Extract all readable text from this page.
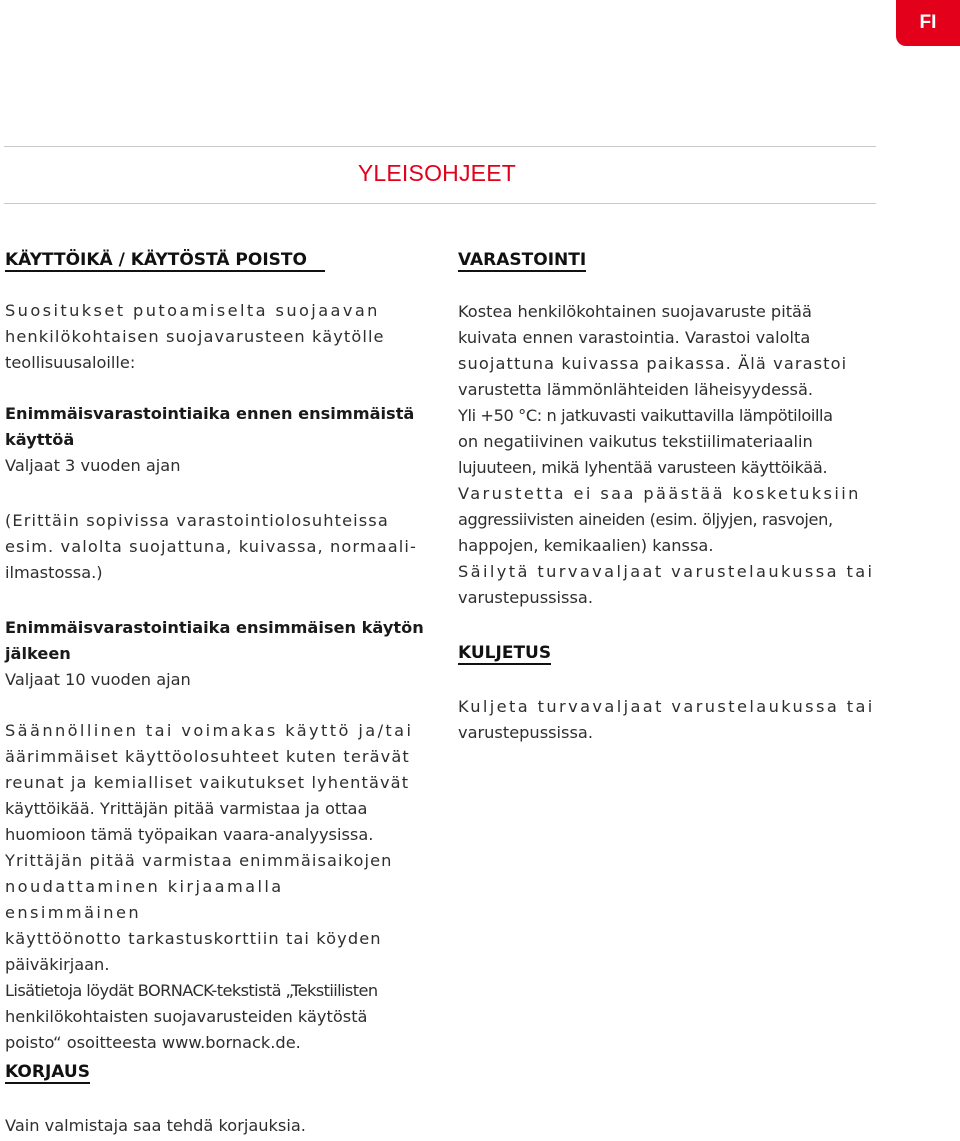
FI
YLEISOHJEET
KÄYTTÖIKÄ / KÄYTÖSTÄ POISTO

Suositukset putoamiselta suojaavan

henkilökohtaisen suojavarusteen käytölle

teollisuusaloille:

Enimmäisvarastointiaika ennen ensimmäistä

käyttöä

Valjaat 3 vuoden ajan

(Erittäin sopivissa varastointiolosuhteissa

esim. valolta suojattuna, kuivassa, normaali-

ilmastossa.)

Enimmäisvarastointiaika ensimmäisen käytön

jälkeen

Valjaat 10 vuoden ajan

Säännöllinen tai voimakas käyttö ja/tai

äärimmäiset käyttöolosuhteet kuten terävät

reunat ja kemialliset vaikutukset lyhentävät

käyttöikää. Yrittäjän pitää varmistaa ja ottaa

huomioon tämä työpaikan vaara-analyysissa.

Yrittäjän pitää varmistaa enimmäisaikojen

noudattaminen kirjaamalla ensimmäinen

käyttöönotto tarkastuskorttiin tai köyden

päiväkirjaan.

Lisätietoja löydät BORNACK-tekstistä „Tekstiilisten

henkilökohtaisten suojavarusteiden käytöstä

poisto“ osoitteesta www.bornack.de.

VARASTOINTI

Kostea henkilökohtainen suojavaruste pitää

kuivata ennen varastointia. Varastoi valolta

suojattuna kuivassa paikassa. Älä varastoi

varustetta lämmönlähteiden läheisyydessä.

Yli +50 °C: n jatkuvasti vaikuttavilla lämpötiloilla

on negatiivinen vaikutus tekstiilimateriaalin

lujuuteen, mikä lyhentää varusteen käyttöikää.

Varustetta ei saa päästää kosketuksiin

aggressiivisten aineiden (esim. öljyjen, rasvojen,

happojen, kemikaalien) kanssa.

Säilytä turvavaljaat varustelaukussa tai

varustepussissa.

KULJETUS

Kuljeta turvavaljaat varustelaukussa tai

varustepussissa.

KORJAUS

Vain valmistaja saa tehdä korjauksia.
